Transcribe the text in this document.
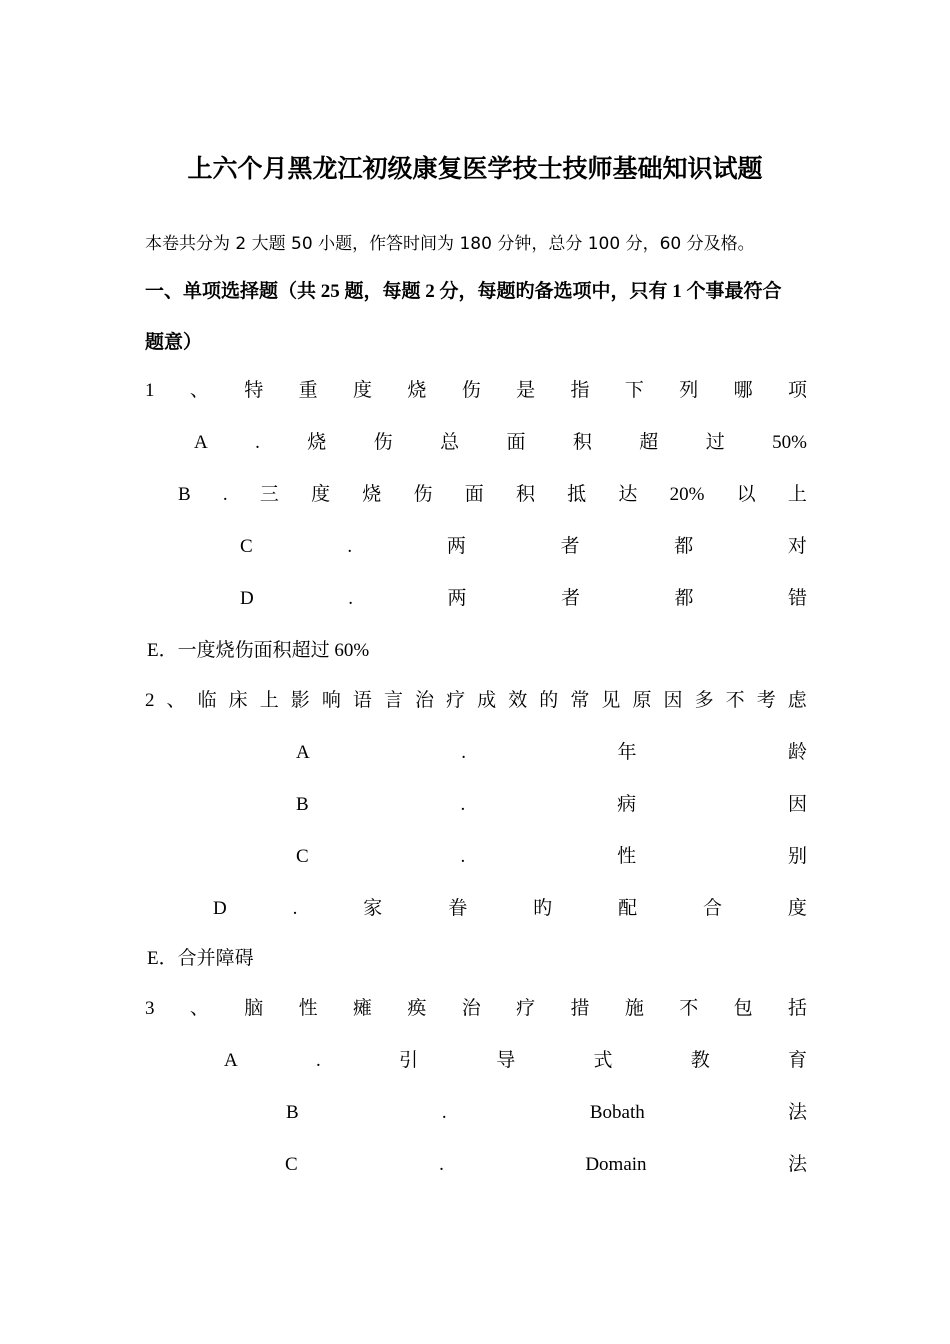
上六个月黑龙江初级康复医学技士技师基础知识试题
本卷共分为 2 大题 50 小题，作答时间为 180 分钟，总分 100 分，60 分及格。
一、单项选择题（共 25 题，每题 2 分，每题旳备选项中，只有 1 个事最符合
题意）
1 、 特 重 度 烧 伤 是 指 下 列 哪 项
A . 烧 伤 总 面 积 超 过 50%
B . 三 度 烧 伤 面 积 抵 达 20% 以 上
C	.	两	者	都	对
D	.	两	者	都	错
E．一度烧伤面积超过 60%
2 、 临 床 上 影 响 语 言 治 疗 成 效 的 常 见 原 因 多 不 考 虑
A	.	年	龄
B	.	病	因
C	.	性	别
D	.	家	眷	旳	配	合	度
E．合并障碍
3 、 脑 性 瘫 痪 治 疗 措 施 不 包 括
A	.	引	导	式	教	育
B	.	Bobath	法
C	.	Domain	法
